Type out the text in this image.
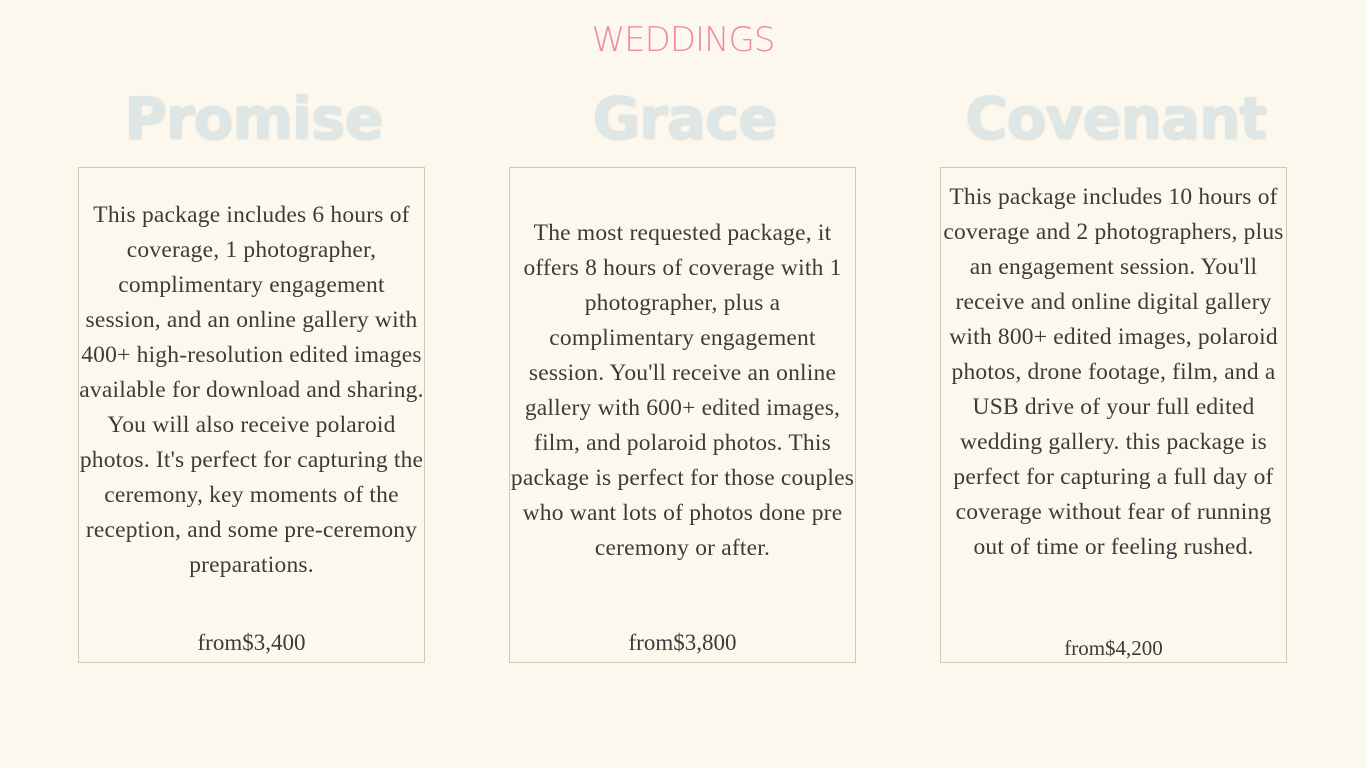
WEDDINGS
Promise	Grace	Covenant

This package includes 6 hours of coverage, 1 photographer, complimentary engagement session, and an online gallery with 400+ high-resolution edited images available for download and sharing. You will also receive polaroid photos. It's perfect for capturing the ceremony, key moments of the reception, and some pre-ceremony preparations.

from$3,400

The most requested package, it offers 8 hours of coverage with 1 photographer, plus a complimentary engagement session. You'll receive an online gallery with 600+ edited images, film, and polaroid photos. This package is perfect for those couples who want lots of photos done pre ceremony or after.

from$3,800

This package includes 10 hours of coverage and 2 photographers, plus an engagement session. You'll receive and online digital gallery with 800+ edited images, polaroid photos, drone footage, film, and a USB drive of your full edited wedding gallery. this package is perfect for capturing a full day of coverage without fear of running out of time or feeling rushed.

from$4,200
